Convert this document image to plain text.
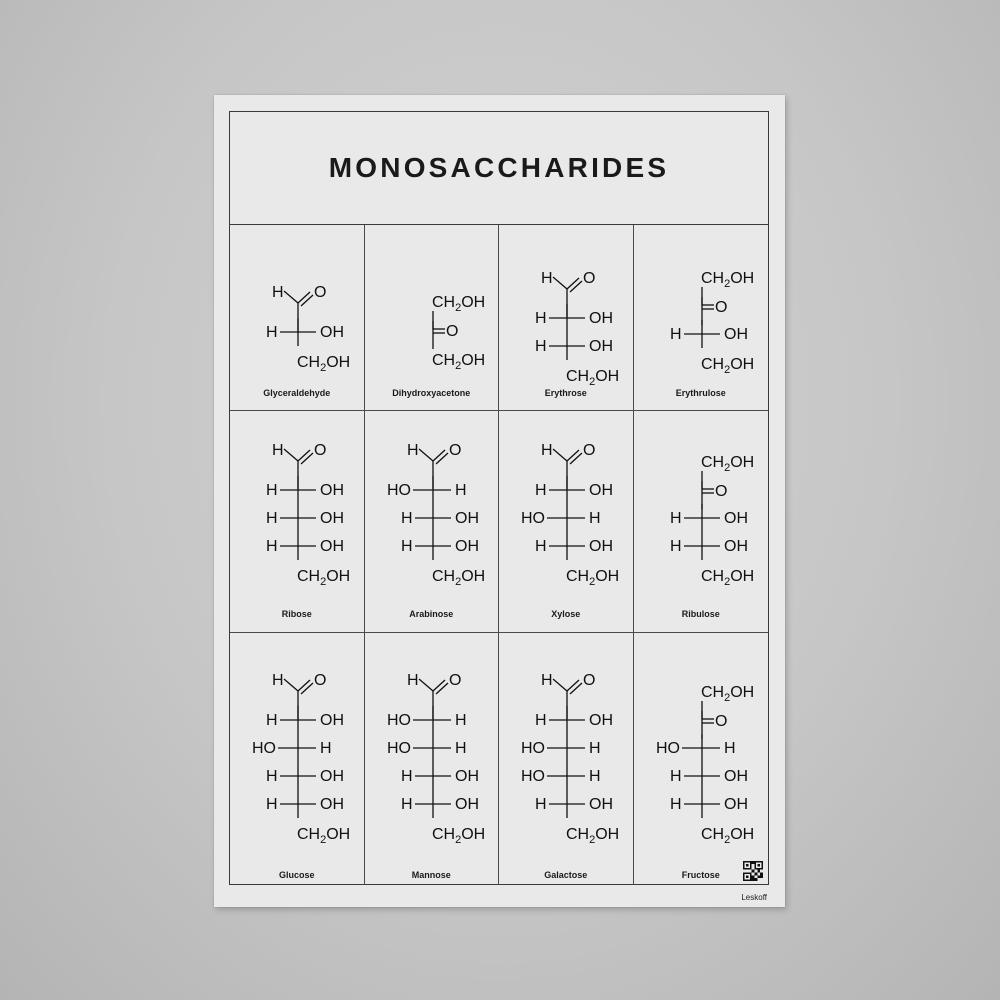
MONOSACCHARIDES
H O
H	OH
$CH_2OH$
Glyceraldehyde
$CH_2OH$
O
$CH_2OH$
Dihydroxyacetone
H O
H	OH
H	OH
$CH_2OH$
Erythrose
$CH_2OH$
O
H	OH
$CH_2OH$
Erythrulose
H O
H	OH
H	OH
H	OH
$CH_2OH$
Ribose
H O
HO	H
H	OH
H	OH
$CH_2OH$
Arabinose
H O
H	OH
HO	H
H	OH
$CH_2OH$
Xylose
$CH_2OH$
O
H	OH
H	OH
$CH_2OH$
Ribulose
H O
H	OH
HO	H
H	OH
H	OH
$CH_2OH$
Glucose
H O
HO	H
HO	H
H	OH
H	OH
$CH_2OH$
Mannose
H O
H	OH
HO	H
HO	H
H	OH
$CH_2OH$
Galactose
$CH_2OH$
O
HO	H
H	OH
H	OH
$CH_2OH$
Fructose
Leskoff
